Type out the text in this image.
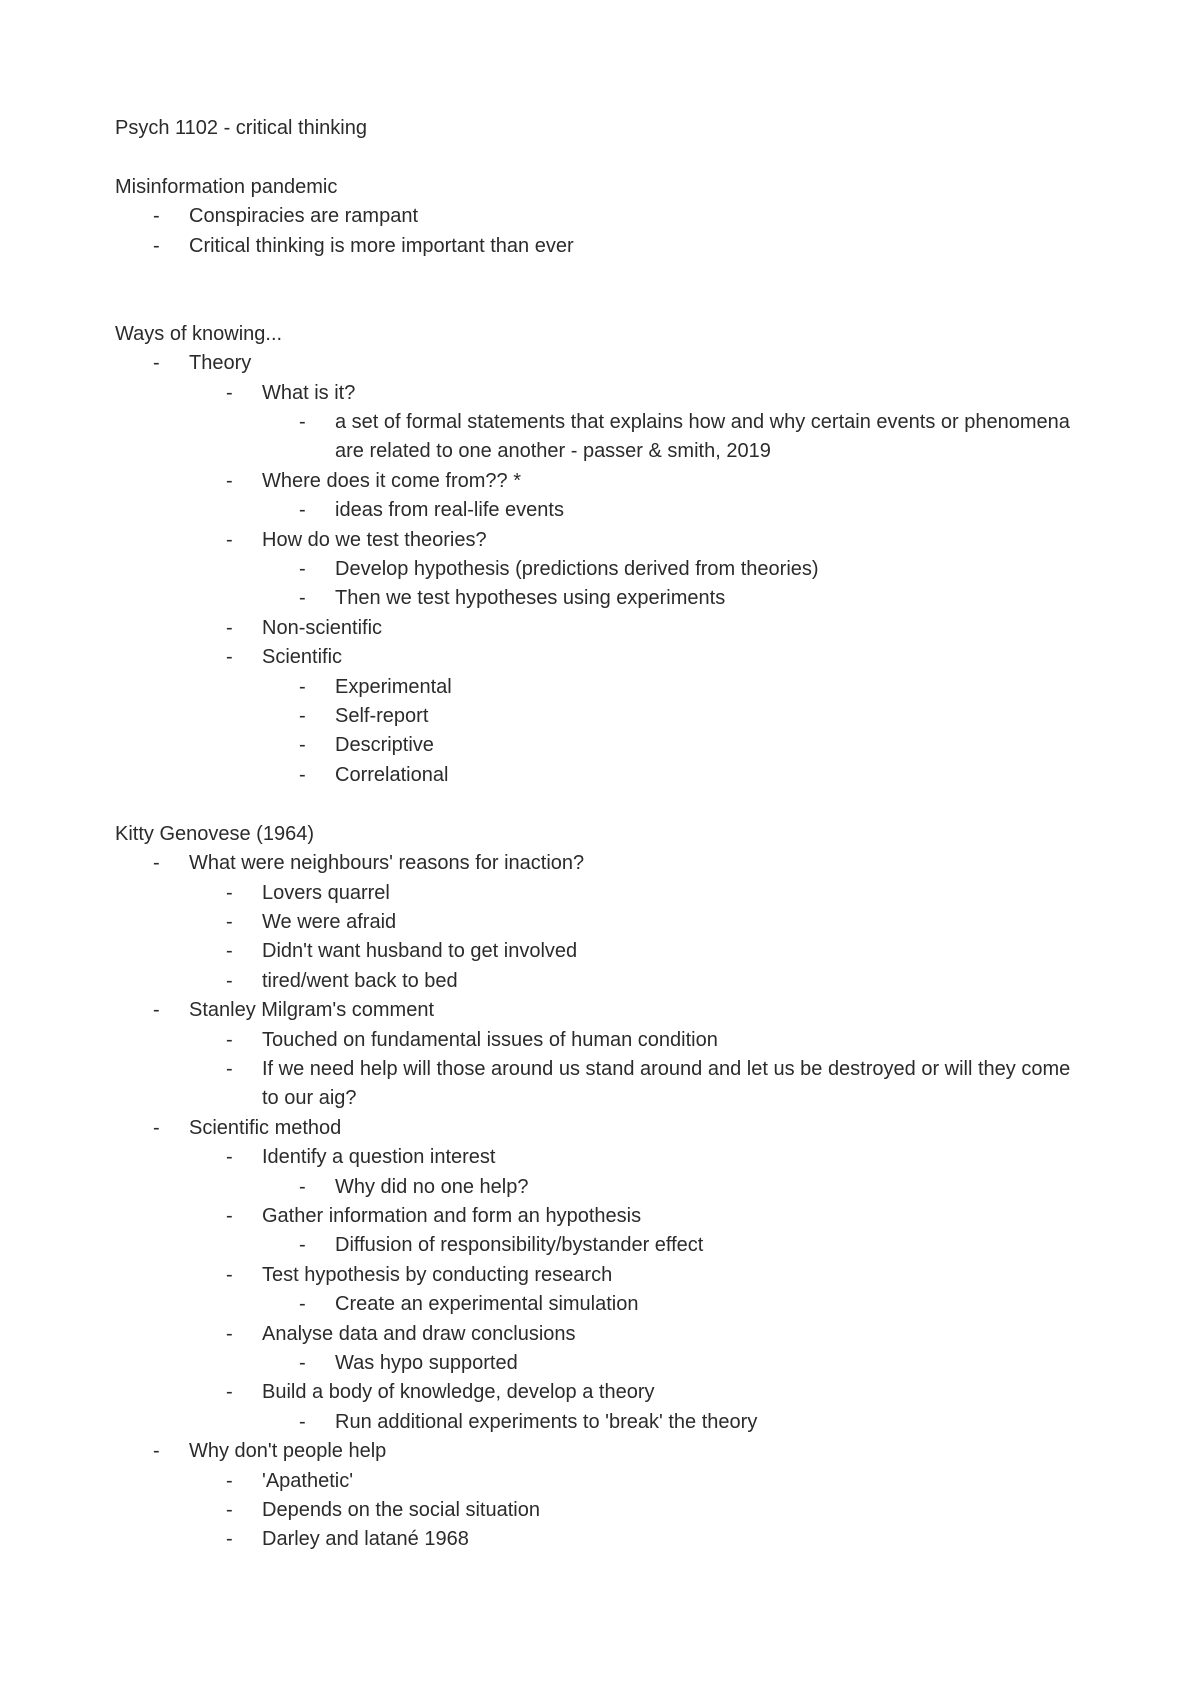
Psych 1102 - critical thinking
Misinformation pandemic
- Conspiracies are rampant
- Critical thinking is more important than ever
Ways of knowing...
- Theory
- What is it?
- a set of formal statements that explains how and why certain events or phenomena are related to one another - passer & smith, 2019
- Where does it come from?? *
- ideas from real-life events
- How do we test theories?
- Develop hypothesis (predictions derived from theories)
- Then we test hypotheses using experiments
- Non-scientific
- Scientific
- Experimental
- Self-report
- Descriptive
- Correlational
Kitty Genovese (1964)
- What were neighbours' reasons for inaction?
- Lovers quarrel
- We were afraid
- Didn't want husband to get involved
- tired/went back to bed
- Stanley Milgram's comment
- Touched on fundamental issues of human condition
- If we need help will those around us stand around and let us be destroyed or will they come to our aig?
- Scientific method
- Identify a question interest
- Why did no one help?
- Gather information and form an hypothesis
- Diffusion of responsibility/bystander effect
- Test hypothesis by conducting research
- Create an experimental simulation
- Analyse data and draw conclusions
- Was hypo supported
- Build a body of knowledge, develop a theory
- Run additional experiments to 'break' the theory
- Why don't people help
- 'Apathetic'
- Depends on the social situation
- Darley and latané 1968
